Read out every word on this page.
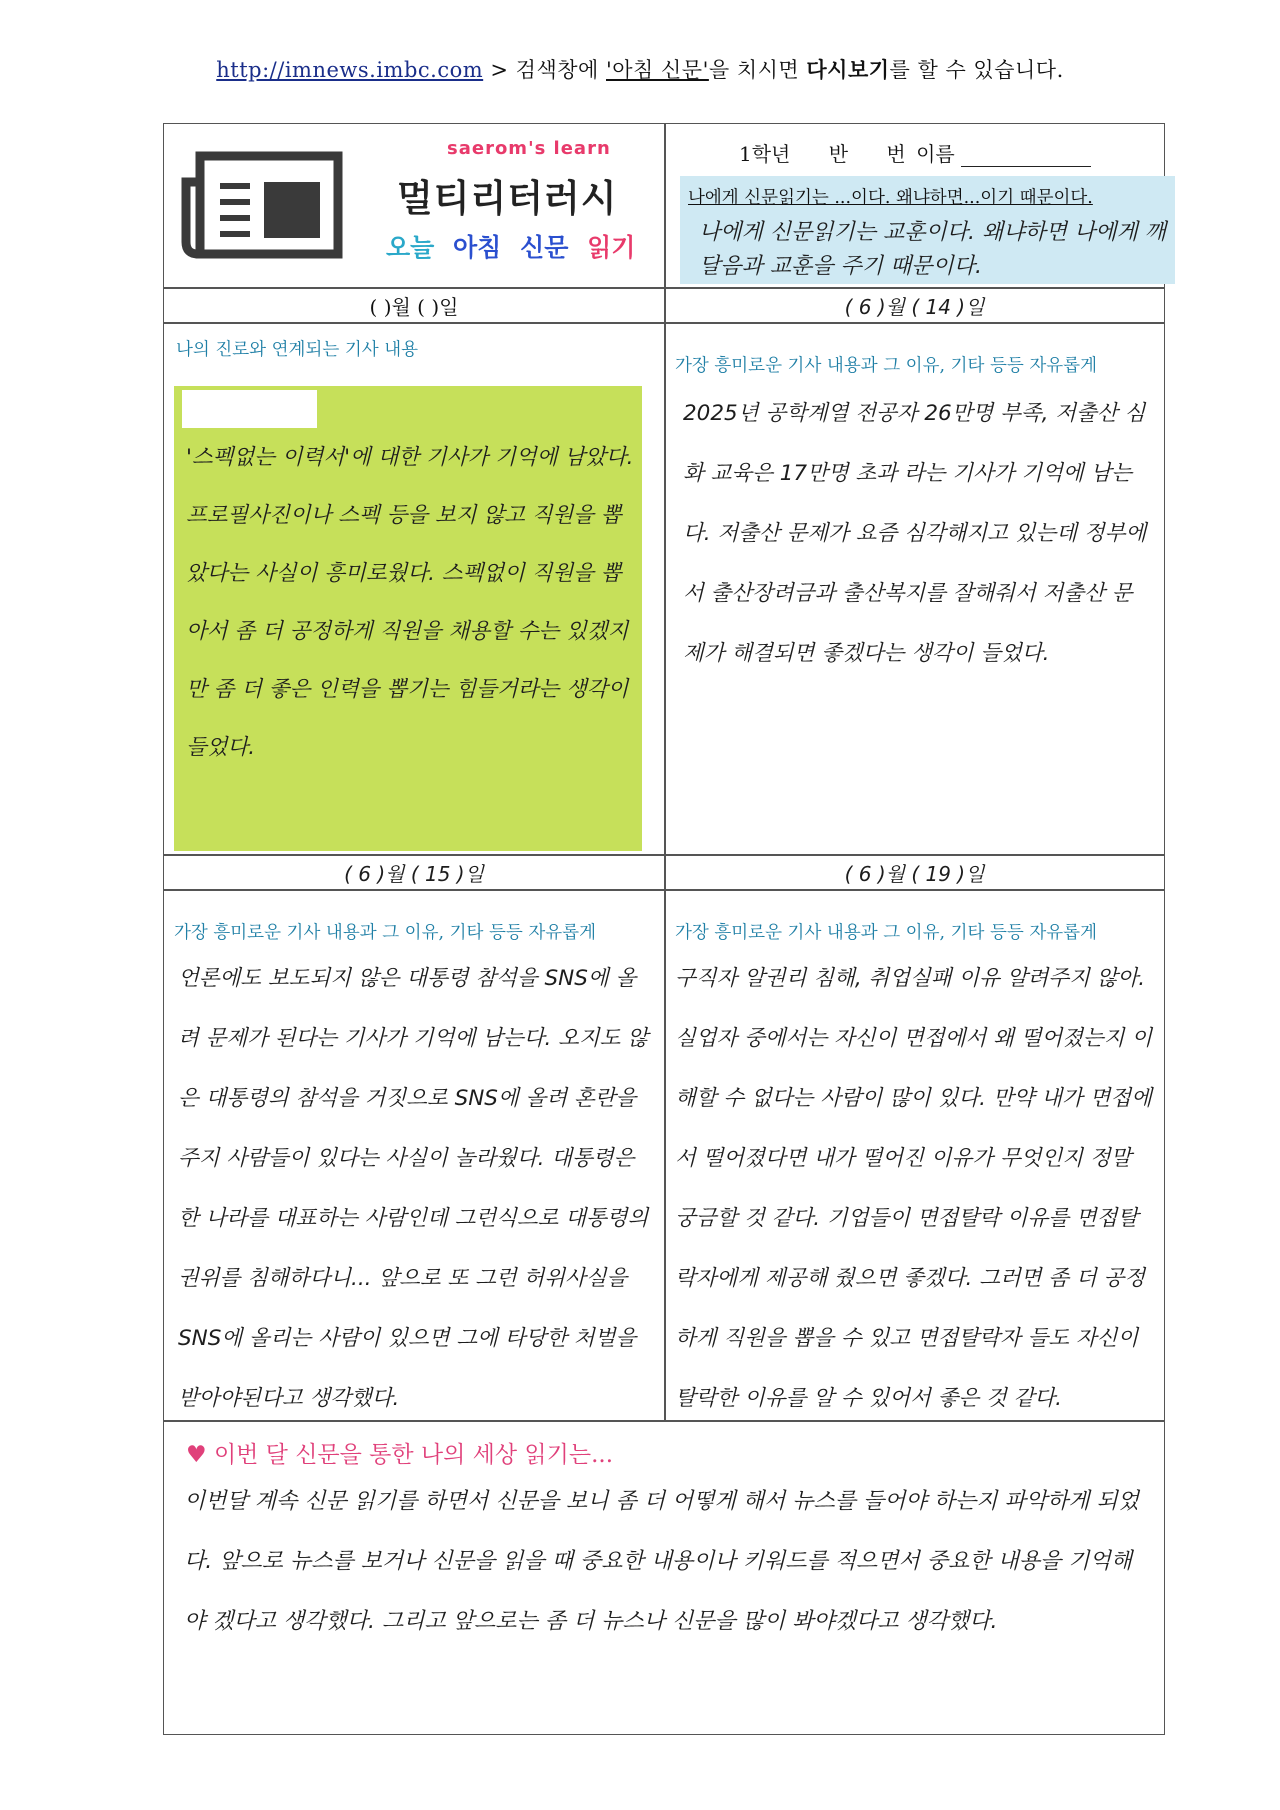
http://imnews.imbc.com > 검색창에 '아침 신문'을 치시면 다시보기를 할 수 있습니다.
saerom's learn
멀티리터러시
오늘 아침 신문 읽기
1학년 반 번 이름
나에게 신문읽기는 ...이다. 왜냐하면...이기 때문이다.
나에게 신문읽기는 교훈이다. 왜냐하면 나에게 깨달음과 교훈을 주기 때문이다.
( )월 ( )일	( 6 )월 ( 14 )일
나의 진로와 연계되는 기사 내용
'스펙없는 이력서'에 대한 기사가 기억에 남았다. 프로필사진이나 스펙 등을 보지 않고 직원을 뽑았다는 사실이 흥미로웠다. 스펙없이 직원을 뽑아서 좀 더 공정하게 직원을 채용할 수는 있겠지만 좀 더 좋은 인력을 뽑기는 힘들거라는 생각이 들었다.
가장 흥미로운 기사 내용과 그 이유, 기타 등등 자유롭게
2025년 공학계열 전공자 26만명 부족, 저출산 심화 교육은 17만명 초과 라는 기사가 기억에 남는다. 저출산 문제가 요즘 심각해지고 있는데 정부에서 출산장려금과 출산복지를 잘해줘서 저출산 문제가 해결되면 좋겠다는 생각이 들었다.
( 6 )월 ( 15 )일	( 6 )월 ( 19 )일
가장 흥미로운 기사 내용과 그 이유, 기타 등등 자유롭게
언론에도 보도되지 않은 대통령 참석을 SNS에 올려 문제가 된다는 기사가 기억에 남는다. 오지도 않은 대통령의 참석을 거짓으로 SNS에 올려 혼란을 주지 사람들이 있다는 사실이 놀라웠다. 대통령은 한 나라를 대표하는 사람인데 그런식으로 대통령의 권위를 침해하다니... 앞으로 또 그런 허위사실을 SNS에 올리는 사람이 있으면 그에 타당한 처벌을 받아야된다고 생각했다.
가장 흥미로운 기사 내용과 그 이유, 기타 등등 자유롭게
구직자 알권리 침해, 취업실패 이유 알려주지 않아. 실업자 중에서는 자신이 면접에서 왜 떨어졌는지 이해할 수 없다는 사람이 많이 있다. 만약 내가 면접에서 떨어졌다면 내가 떨어진 이유가 무엇인지 정말 궁금할 것 같다. 기업들이 면접탈락 이유를 면접탈락자에게 제공해 줬으면 좋겠다. 그러면 좀 더 공정하게 직원을 뽑을 수 있고 면접탈락자 들도 자신이 탈락한 이유를 알 수 있어서 좋은 것 같다.
♥ 이번 달 신문을 통한 나의 세상 읽기는...
이번달 계속 신문 읽기를 하면서 신문을 보니 좀 더 어떻게 해서 뉴스를 들어야 하는지 파악하게 되었다. 앞으로 뉴스를 보거나 신문을 읽을 때 중요한 내용이나 키워드를 적으면서 중요한 내용을 기억해야 겠다고 생각했다. 그리고 앞으로는 좀 더 뉴스나 신문을 많이 봐야겠다고 생각했다.
